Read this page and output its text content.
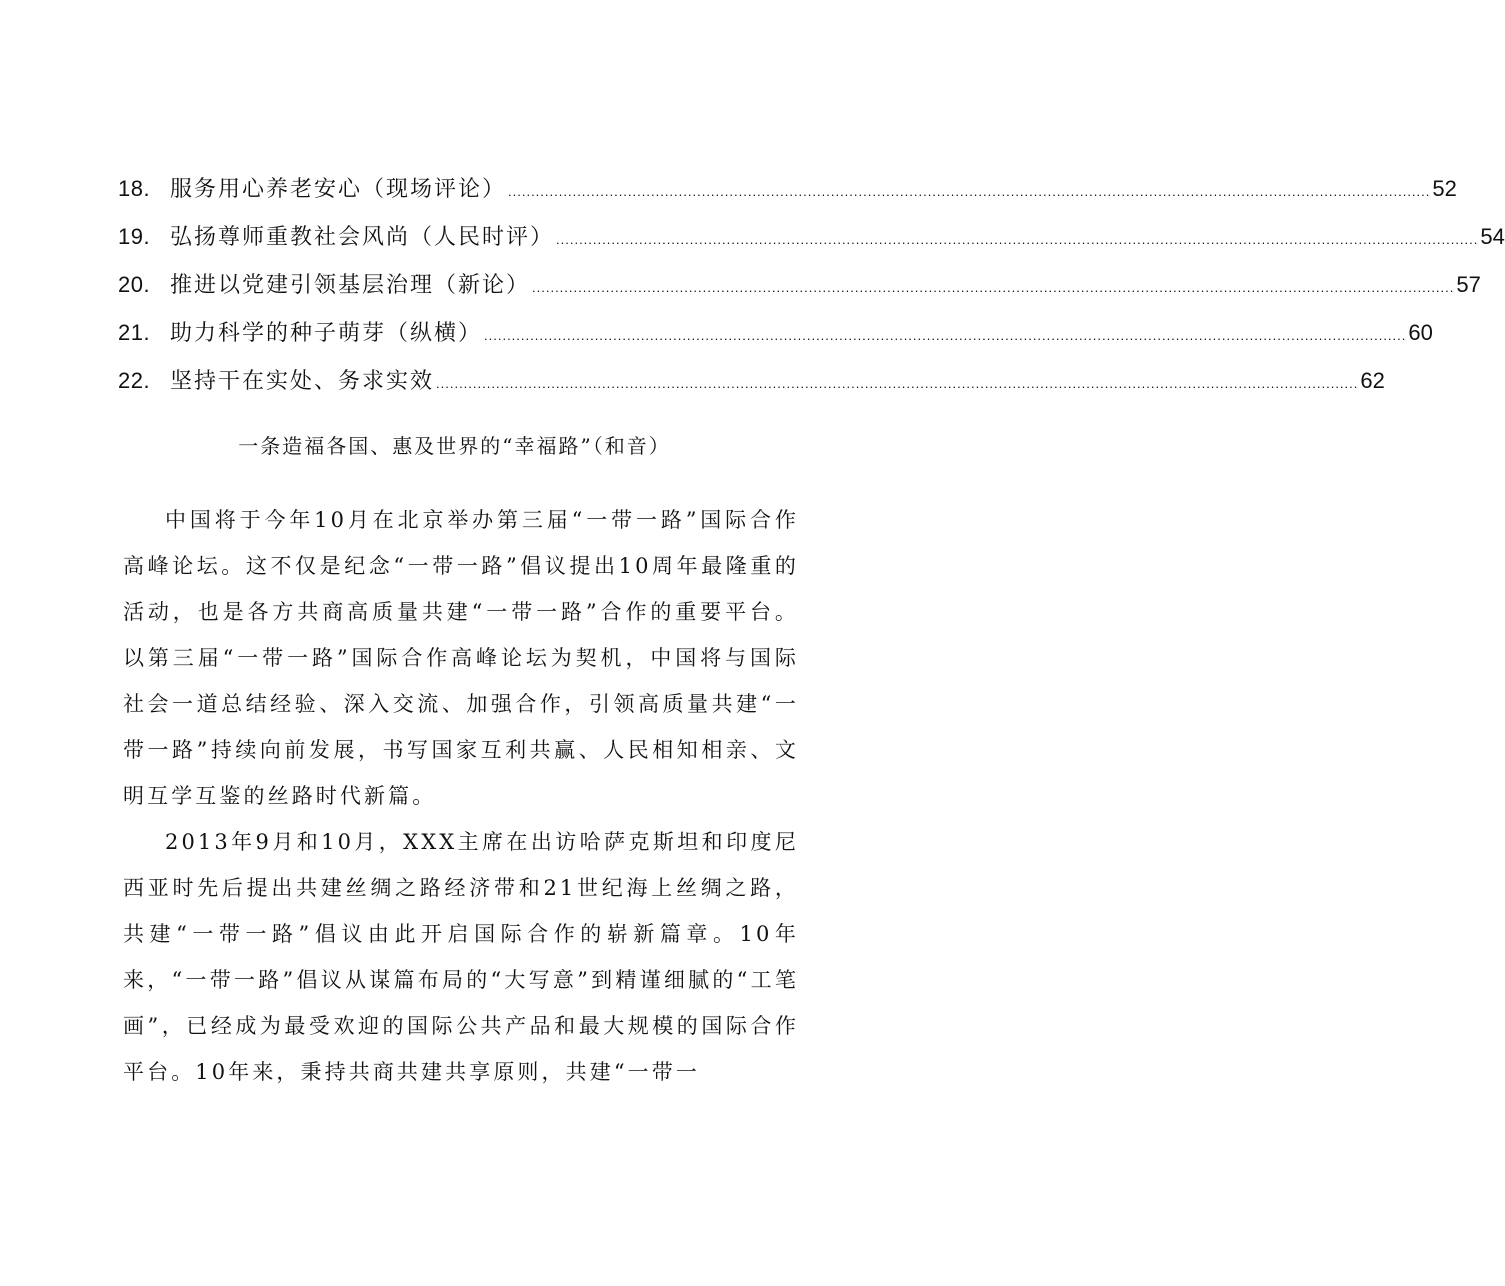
18. 服务用心养老安心（现场评论） ........................................................................................................................................................................................................ 52
19. 弘扬尊师重教社会风尚（人民时评） ........................................................................................................................................................................................................ 54
20. 推进以党建引领基层治理（新论） ........................................................................................................................................................................................................ 57
21. 助力科学的种子萌芽（纵横） ........................................................................................................................................................................................................ 60
22. 坚持干在实处、务求实效 ........................................................................................................................................................................................................ 62
一条造福各国、惠及世界的“幸福路”（和音）

中国将于今年10月在北京举办第三届“一带一路”国际合作高峰论坛。这不仅是纪念“一带一路”倡议提出10周年最隆重的活动，也是各方共商高质量共建“一带一路”合作的重要平台。以第三届“一带一路”国际合作高峰论坛为契机，中国将与国际社会一道总结经验、深入交流、加强合作，引领高质量共建“一带一路”持续向前发展，书写国家互利共赢、人民相知相亲、文明互学互鉴的丝路时代新篇。

2013年9月和10月，XXX主席在出访哈萨克斯坦和印度尼西亚时先后提出共建丝绸之路经济带和21世纪海上丝绸之路，共建“一带一路”倡议由此开启国际合作的崭新篇章。10年来，“一带一路”倡议从谋篇布局的“大写意”到精谨细腻的“工笔画”，已经成为最受欢迎的国际公共产品和最大规模的国际合作平台。10年来，秉持共商共建共享原则，共建“一带一
